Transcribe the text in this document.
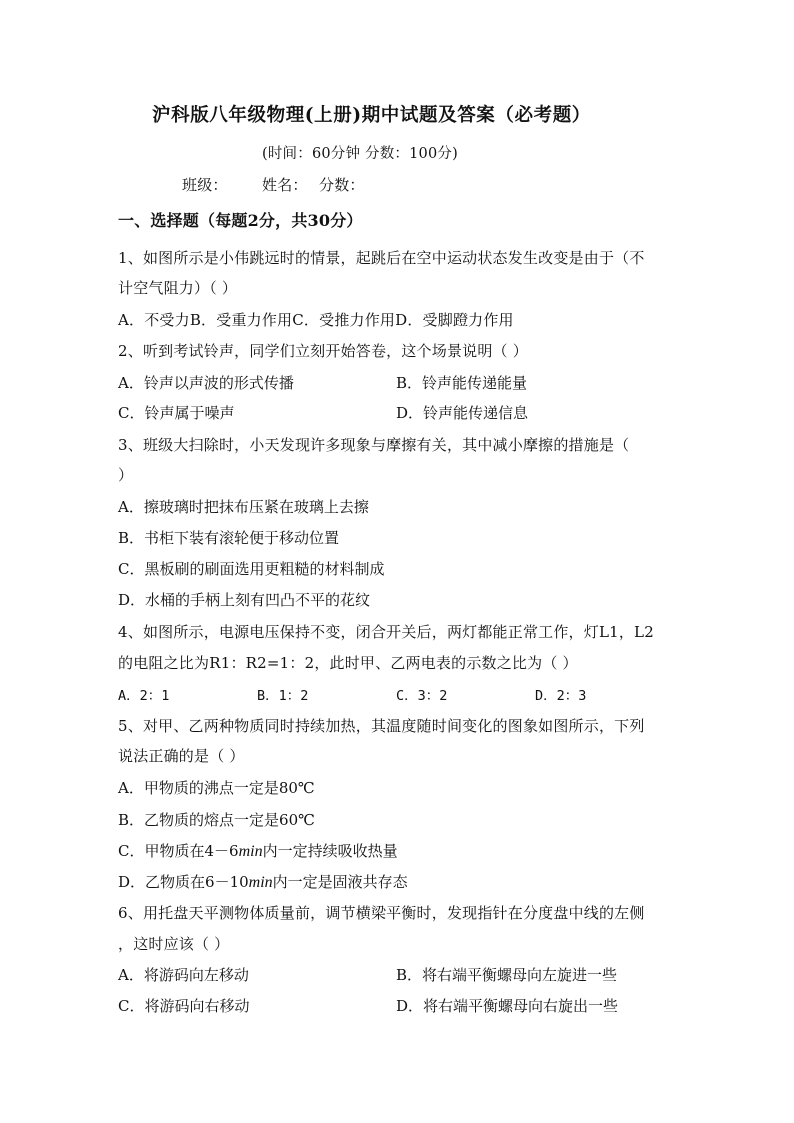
沪科版八年级物理(上册)期中试题及答案（必考题）
(时间：60分钟 分数：100分)
班级： 姓名： 分数：
一、选择题（每题2分，共30分）
1、如图所示是小伟跳远时的情景，起跳后在空中运动状态发生改变是由于（不
计空气阻力）（ ）
A．不受力B．受重力作用C．受推力作用D．受脚蹬力作用
2、听到考试铃声，同学们立刻开始答卷，这个场景说明（ ）
A．铃声以声波的形式传播	B．铃声能传递能量
C．铃声属于噪声	D．铃声能传递信息
3、班级大扫除时，小天发现许多现象与摩擦有关，其中减小摩擦的措施是（
）
A．擦玻璃时把抹布压紧在玻璃上去擦
B．书柜下装有滚轮便于移动位置
C．黑板刷的刷面选用更粗糙的材料制成
D．水桶的手柄上刻有凹凸不平的花纹
4、如图所示，电源电压保持不变，闭合开关后，两灯都能正常工作，灯L1，L2
的电阻之比为R1：R2=1：2，此时甲、乙两电表的示数之比为（ ）
A．2：1	B．1：2	C．3：2	D．2：3
5、对甲、乙两种物质同时持续加热，其温度随时间变化的图象如图所示，下列
说法正确的是（ ）
A．甲物质的沸点一定是80℃
B．乙物质的熔点一定是60℃
C．甲物质在4－6min内一定持续吸收热量
D．乙物质在6－10min内一定是固液共存态
6、用托盘天平测物体质量前，调节横梁平衡时，发现指针在分度盘中线的左侧
，这时应该（ ）
A．将游码向左移动	B．将右端平衡螺母向左旋进一些
C．将游码向右移动	D．将右端平衡螺母向右旋出一些
